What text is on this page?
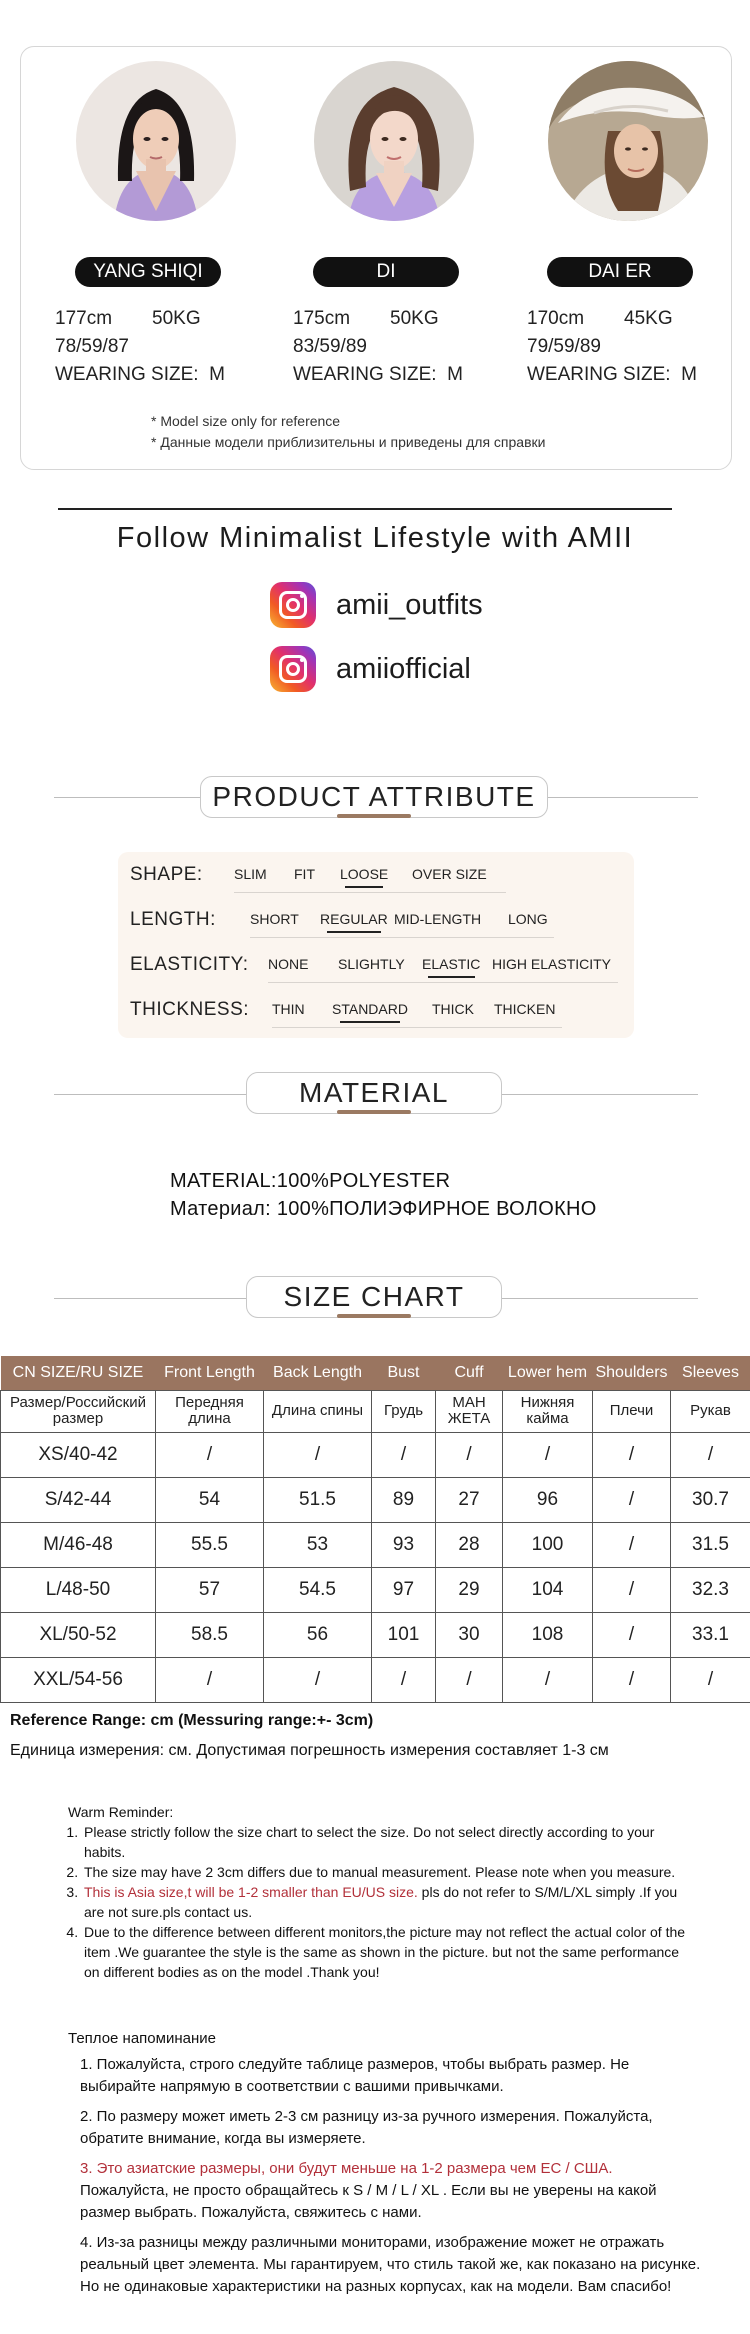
YANG SHIQI
177cm 50KG
78/59/87
WEARING SIZE: M
DI
175cm 50KG
83/59/89
WEARING SIZE: M
DAI ER
170cm 45KG
79/59/89
WEARING SIZE: M
* Model size only for reference
* Данные модели приблизительны и приведены для справки
Follow Minimalist Lifestyle with AMII
amii_outfits
amiiofficial
PRODUCT ATTRIBUTE
SHAPE: SLIM FIT LOOSE OVER SIZE
LENGTH: SHORT REGULAR MID-LENGTH LONG
ELASTICITY: NONE SLIGHTLY ELASTIC HIGH ELASTICITY
THICKNESS: THIN STANDARD THICK THICKEN
MATERIAL
MATERIAL:100%POLYESTER
Материал: 100%ПОЛИЭФИРНОЕ ВОЛОКНО
SIZE CHART
CN SIZE/RU SIZE	Front Length	Back Length	Bust	Cuff	Lower hem	Shoulders	Sleeves
Размер/Российский размер	Передняя длина	Длина спины	Грудь	МАН ЖЕТА	Нижняя кайма	Плечи	Рукав
XS/40-42	/	/	/	/	/	/	/
S/42-44	54	51.5	89	27	96	/	30.7
M/46-48	55.5	53	93	28	100	/	31.5
L/48-50	57	54.5	97	29	104	/	32.3
XL/50-52	58.5	56	101	30	108	/	33.1
XXL/54-56	/	/	/	/	/	/	/
Reference Range: cm (Messuring range:+- 3cm)
Единица измерения: см. Допустимая погрешность измерения составляет 1-3 см
Warm Reminder:
1. Please strictly follow the size chart to select the size. Do not select directly according to your habits.
2. The size may have 2 3cm differs due to manual measurement. Please note when you measure.
3. This is Asia size,t will be 1-2 smaller than EU/US size. pls do not refer to S/M/L/XL simply .If you are not sure.pls contact us.
4. Due to the difference between different monitors,the picture may not reflect the actual color of the item .We guarantee the style is the same as shown in the picture. but not the same performance on different bodies as on the model .Thank you!
Теплое напоминание

1. Пожалуйста, строго следуйте таблице размеров, чтобы выбрать размер. Не выбирайте напрямую в соответствии с вашими привычками.

2. По размеру может иметь 2-3 см разницу из-за ручного измерения. Пожалуйста, обратите внимание, когда вы измеряете.

3. Это азиатские размеры, они будут меньше на 1-2 размера чем ЕС / США.

Пожалуйста, не просто обращайтесь к S / M / L / XL . Если вы не уверены на какой размер выбрать. Пожалуйста, свяжитесь с нами.

4. Из-за разницы между различными мониторами, изображение может не отражать реальный цвет элемента. Мы гарантируем, что стиль такой же, как показано на рисунке. Но не одинаковые характеристики на разных корпусах, как на модели. Вам спасибо!
